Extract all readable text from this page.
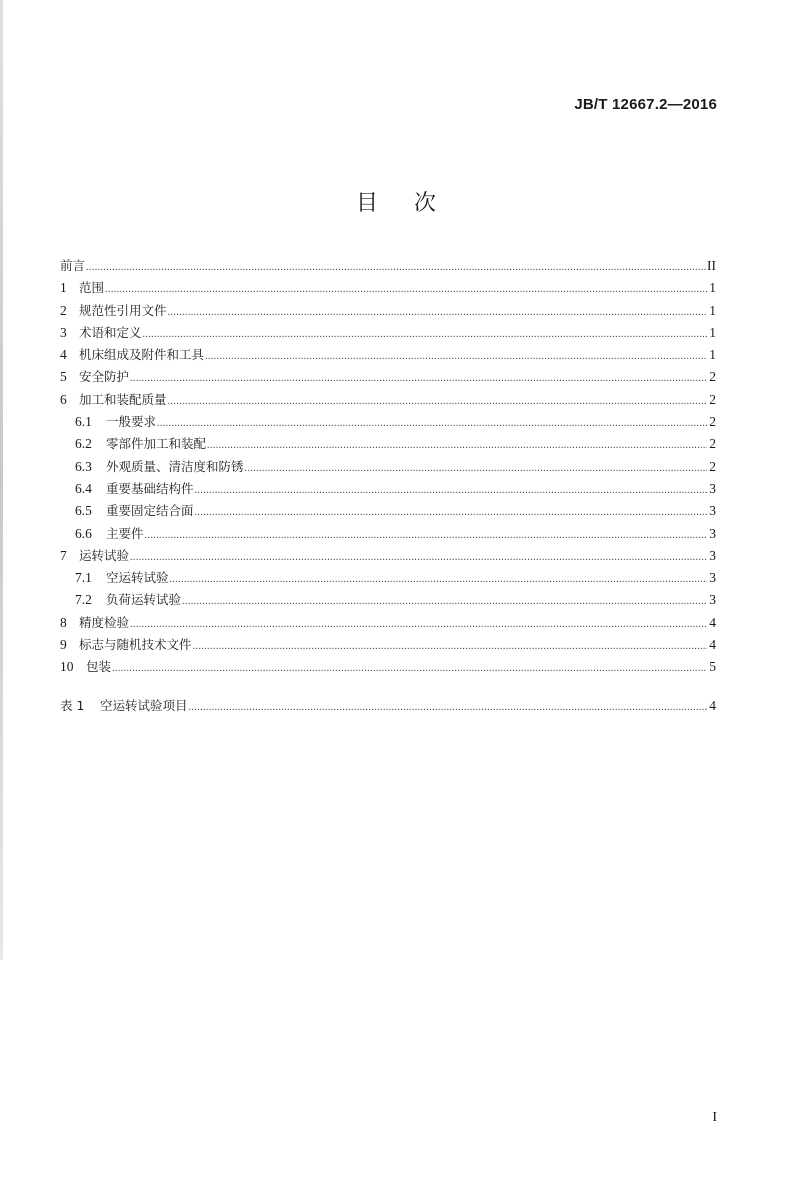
JB/T 12667.2—2016
目次
前言 .....	II
1 范围 .....	1
2 规范性引用文件 .....	1
3 术语和定义 .....	1
4 机床组成及附件和工具 .....	1
5 安全防护 .....	2
6 加工和装配质量 .....	2
6.1	一般要求 .....	2
6.2	零部件加工和装配 .....	2
6.3	外观质量、清洁度和防锈 .....	2
6.4	重要基础结构件 .....	3
6.5	重要固定结合面 .....	3
6.6	主要件 .....	3
7 运转试验 .....	3
7.1	空运转试验 .....	3
7.2	负荷运转试验 .....	3
8 精度检验 .....	4
9 标志与随机技术文件 .....	4
10	包装 .....	5
表 1	空运转试验项目 .....	4
I
